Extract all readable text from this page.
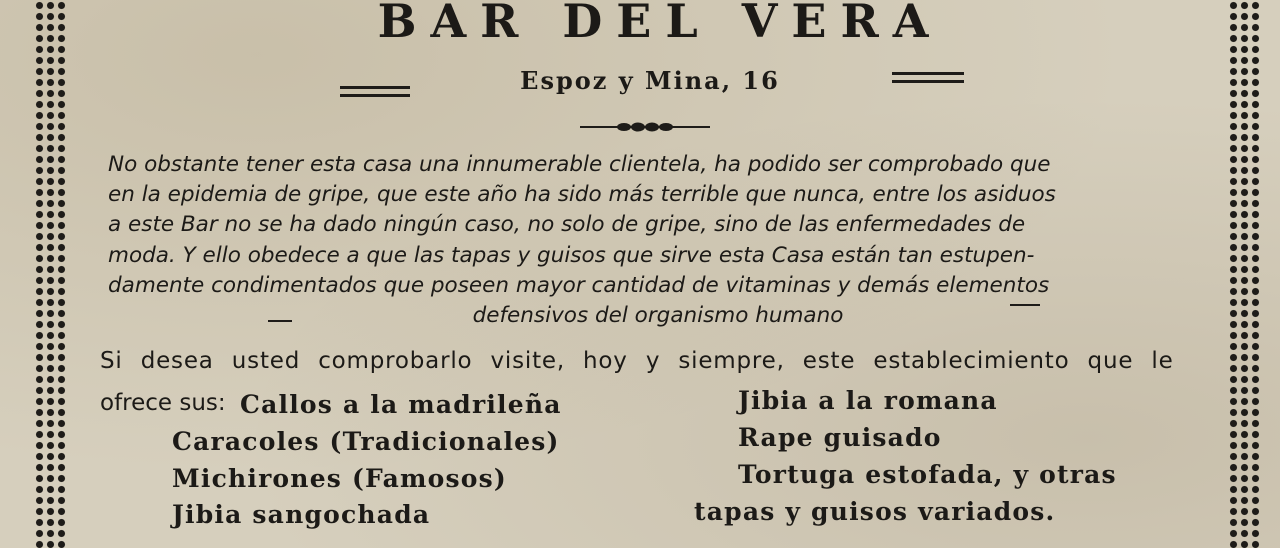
BAR DEL VERA
Espoz y Mina, 16
No obstante tener esta casa una innumerable clientela, ha podido ser comprobado que
en la epidemia de gripe, que este año ha sido más terrible que nunca, entre los asiduos
a este Bar no se ha dado ningún caso, no solo de gripe, sino de las enfermedades de
moda. Y ello obedece a que las tapas y guisos que sirve esta Casa están tan estupen-
damente condimentados que poseen mayor cantidad de vitaminas y demás elementos
defensivos del organismo humano
Si desea usted comprobarlo visite, hoy y siempre, este establecimiento que le
ofrece sus: Callos a la madrileña
Caracoles (Tradicionales)
Michirones (Famosos)
Jibia sangochada
Jibia a la romana
Rape guisado
Tortuga estofada, y otras
tapas y guisos variados.
